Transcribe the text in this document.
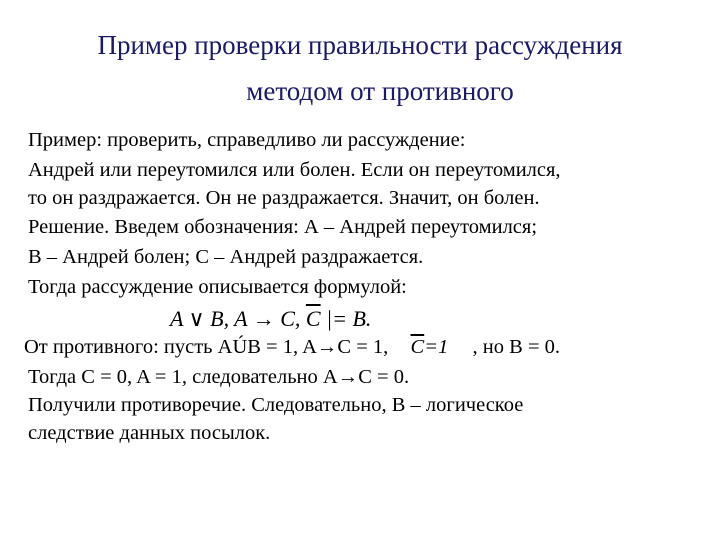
Пример проверки правильности рассуждения
методом от противного
Пример: проверить, справедливо ли рассуждение:
Андрей или переутомился или болен. Если он переутомился,
то он раздражается. Он не раздражается. Значит, он болен.
Решение. Введем обозначения: А – Андрей переутомился;
В – Андрей болен; С – Андрей раздражается.
Тогда рассуждение описывается формулой:
A ∨ B, A → C, $\overline{C}$ |= B.
От противного: пусть AÚB = 1, A→C = 1, $\overline{C}=1$ , но B = 0.
Тогда C = 0, A = 1, следовательно A→C = 0.
Получили противоречие. Следовательно, В – логическое
следствие данных посылок.
